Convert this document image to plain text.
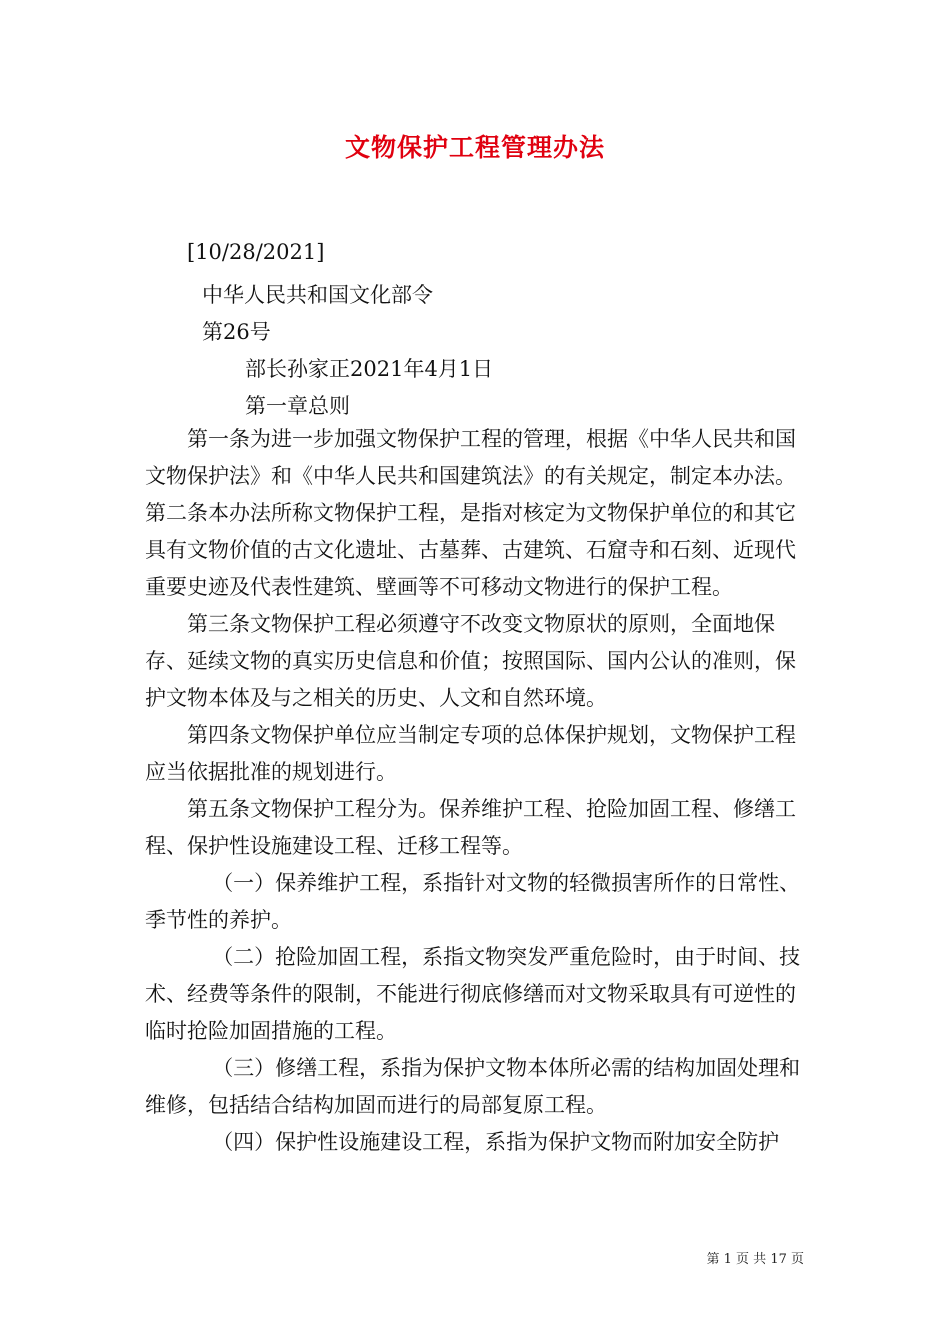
文物保护工程管理办法
[10/28/2021]
中华人民共和国文化部令
第26号
部长孙家正2021年4月1日
第一章总则

第一条为进一步加强文物保护工程的管理，根据《中华人民共和国文物保护法》和《中华人民共和国建筑法》的有关规定，制定本办法。第二条本办法所称文物保护工程，是指对核定为文物保护单位的和其它具有文物价值的古文化遗址、古墓葬、古建筑、石窟寺和石刻、近现代重要史迹及代表性建筑、壁画等不可移动文物进行的保护工程。

第三条文物保护工程必须遵守不改变文物原状的原则，全面地保存、延续文物的真实历史信息和价值；按照国际、国内公认的准则，保护文物本体及与之相关的历史、人文和自然环境。

第四条文物保护单位应当制定专项的总体保护规划，文物保护工程应当依据批准的规划进行。

第五条文物保护工程分为。保养维护工程、抢险加固工程、修缮工程、保护性设施建设工程、迁移工程等。

（一）保养维护工程，系指针对文物的轻微损害所作的日常性、季节性的养护。

（二）抢险加固工程，系指文物突发严重危险时，由于时间、技术、经费等条件的限制，不能进行彻底修缮而对文物采取具有可逆性的临时抢险加固措施的工程。

（三）修缮工程，系指为保护文物本体所必需的结构加固处理和维修，包括结合结构加固而进行的局部复原工程。

（四）保护性设施建设工程，系指为保护文物而附加安全防护

第 1 页 共 17 页
